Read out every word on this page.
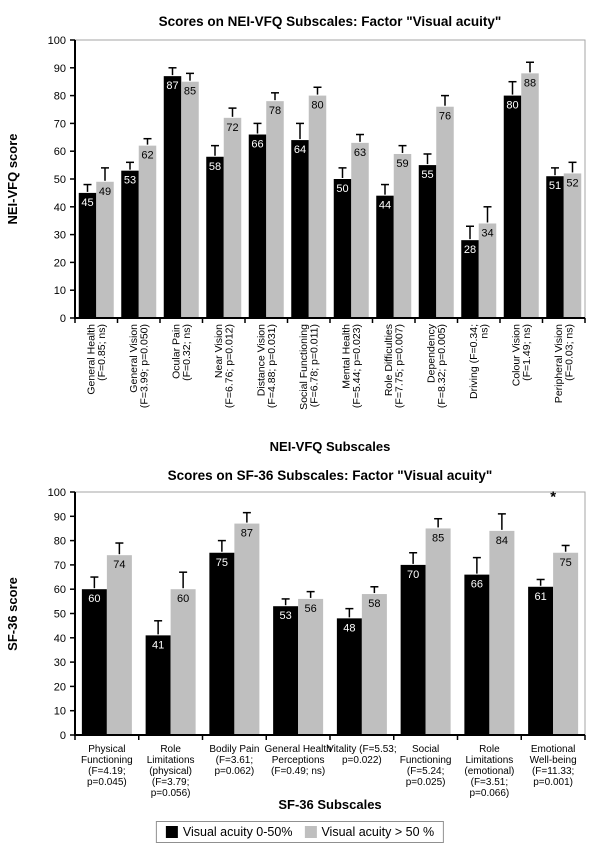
Scores on NEI-VFQ Subscales: Factor "Visual acuity"
NEI-VFQ score
NEI-VFQ Subscales
0
10
20
30
40
50
60
70
80
90
100
45
53
87
58
66	64
50
44
55
28
80
51
49
62
85
72
78	80
63
59
76
34
88
52
General Health
(F=0.85; ns) General Vision
(F=3.99; p=0.050) Ocular Pain
(F=0.32; ns) Near Vision
(F=6.76; p=0.012) Distance Vision
(F=4.88; p=0.031) Social Functioning
(F=6.78; p=0.011) Mental Health
(F=5.44; p=0.023) Role Difficulties
(F=7.75; p=0.007) Dependency
(F=8.32; p=0.005) Driving (F=0.34;
ns) Colour Vision
(F=1.49; ns) Peripheral Vision
(F=0.03; ns)
Scores on SF-36 Subscales: Factor "Visual acuity"
SF-36 score
SF-36 Subscales
0
10
20
30
40
50
60
70
80
90
100
60
41
75
53
48
70
66
61
74
60
87
56	58
85	84
75
Physical
Functioning
(F=4.19;
p=0.045)
Role
Limitations
(physical)
(F=3.79;
p=0.056)
Bodily Pain
(F=3.61;
p=0.062)
General Health
Perceptions
(F=0.49; ns)
Vitality (F=5.53;
p=0.022)
Social
Functioning
(F=5.24;
p=0.025)
Role
Limitations
(emotional)
(F=3.51;
p=0.066)
Emotional
Well-being
(F=11.33;
p=0.001)
*
Visual acuity 0-50% Visual acuity > 50 %
